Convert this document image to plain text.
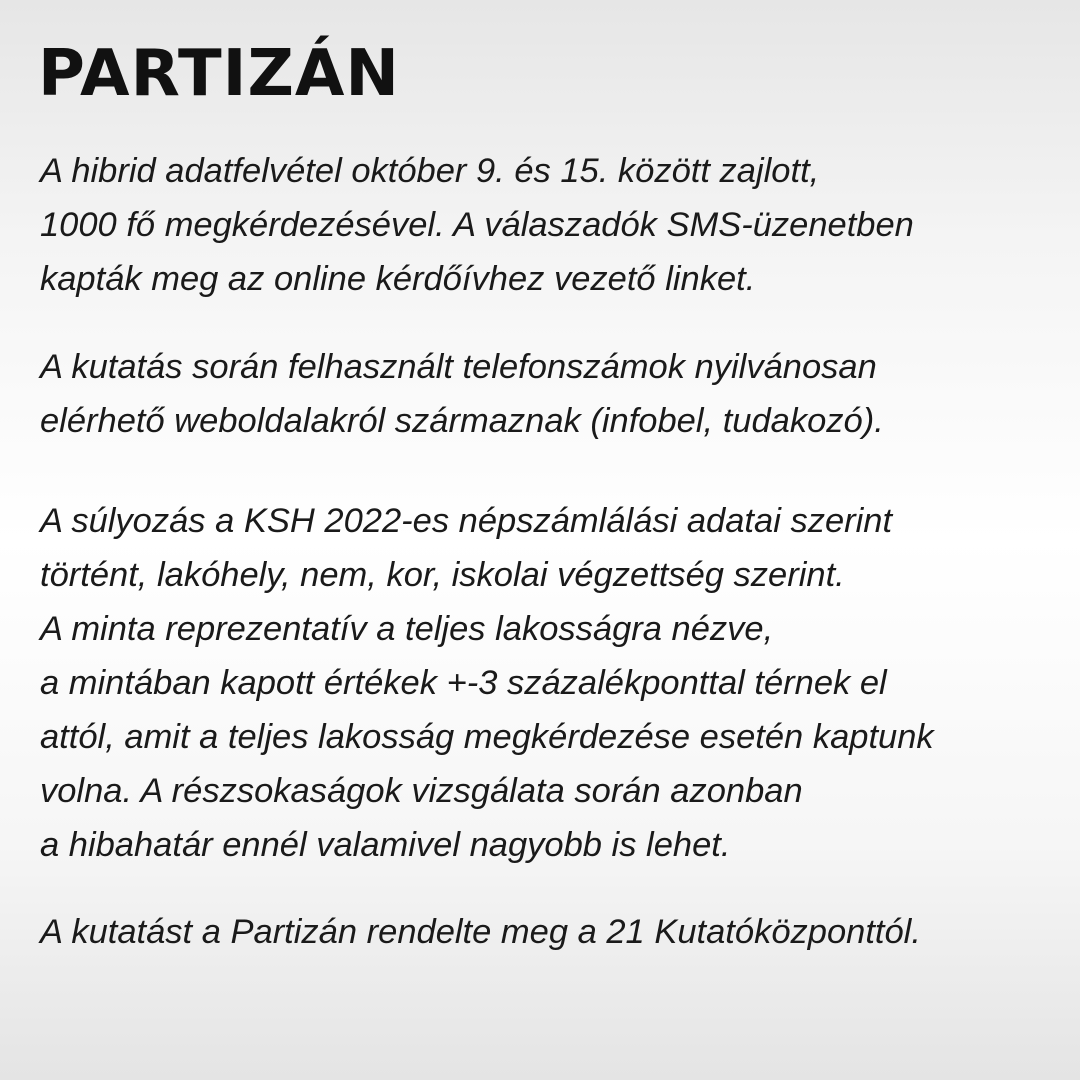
PARTIZÁN
A hibrid adatfelvétel október 9. és 15. között zajlott,
1000 fő megkérdezésével. A válaszadók SMS-üzenetben
kapták meg az online kérdőívhez vezető linket.
A kutatás során felhasznált telefonszámok nyilvánosan
elérhető weboldalakról származnak (infobel, tudakozó).
A súlyozás a KSH 2022-es népszámlálási adatai szerint
történt, lakóhely, nem, kor, iskolai végzettség szerint.
A minta reprezentatív a teljes lakosságra nézve,
a mintában kapott értékek +-3 százalékponttal térnek el
attól, amit a teljes lakosság megkérdezése esetén kaptunk
volna. A részsokaságok vizsgálata során azonban
a hibahatár ennél valamivel nagyobb is lehet.
A kutatást a Partizán rendelte meg a 21 Kutatóközponttól.
